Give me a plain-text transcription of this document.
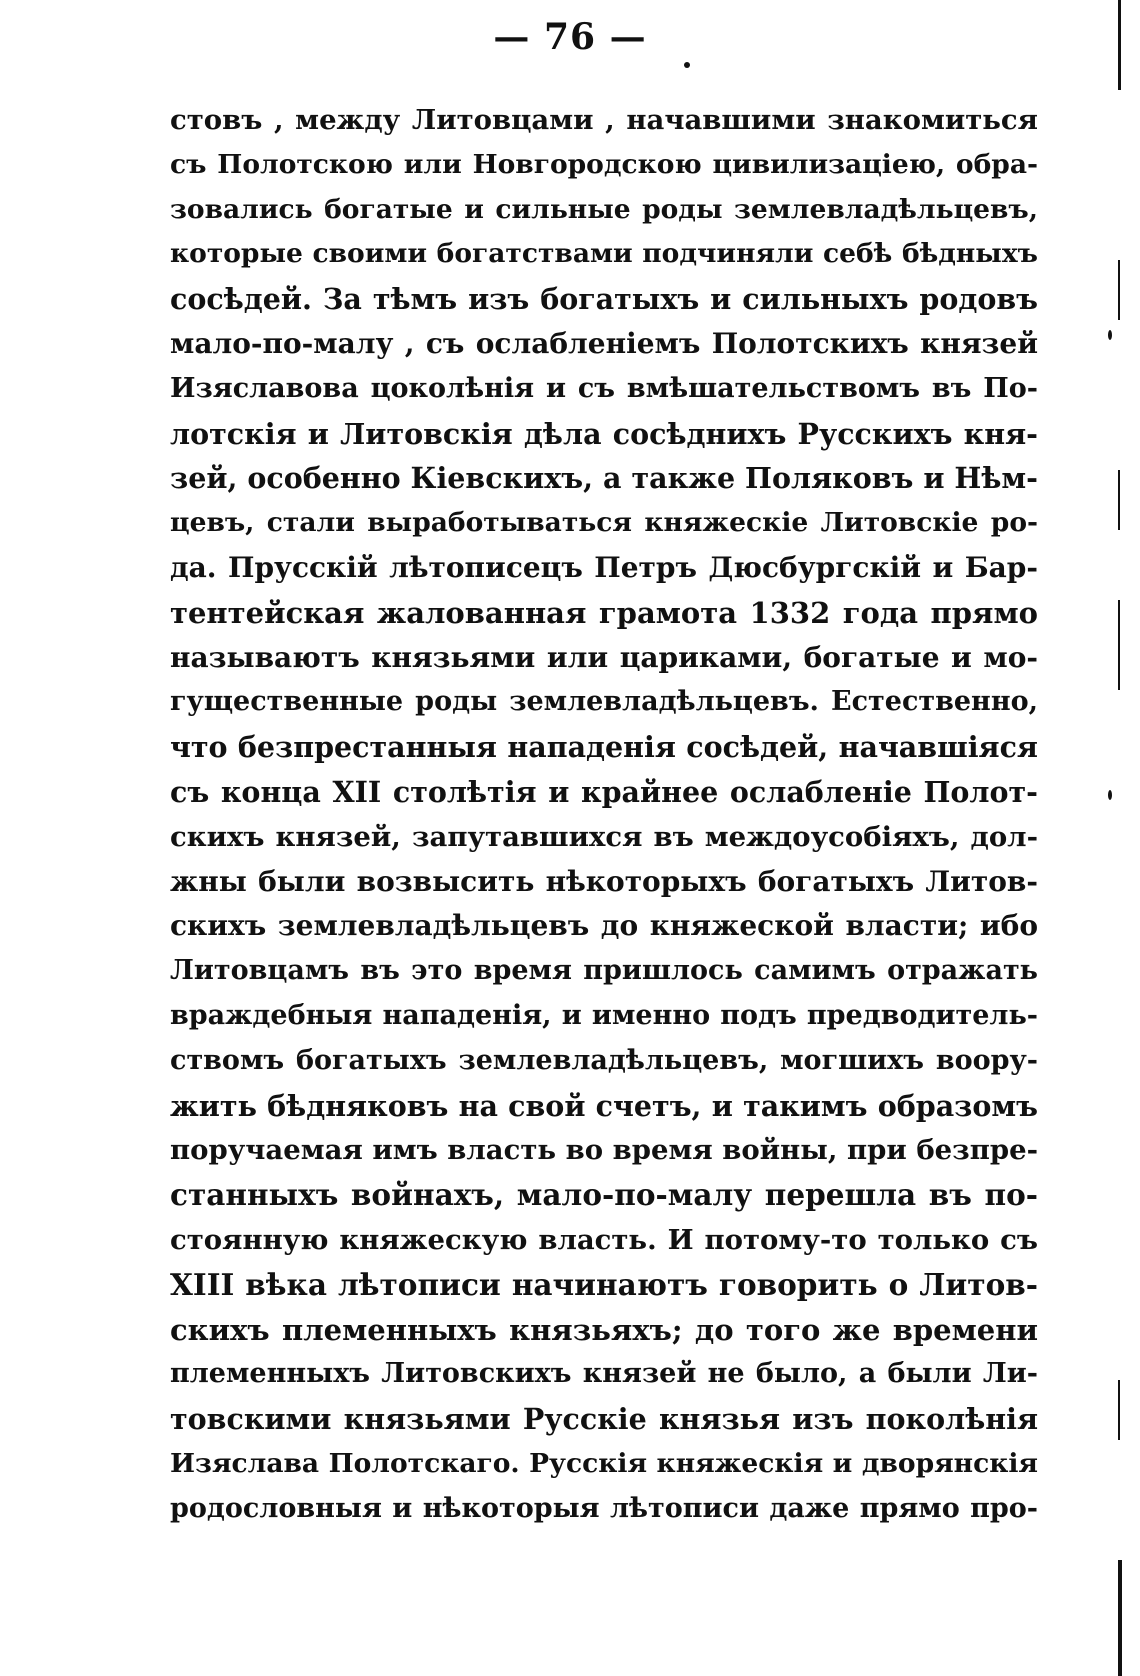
— 76 —
стовъ , между Литовцами , начавшими знакомиться
съ Полотскою или Новгородскою цивилизаціею, обра-
зовались богатые и сильные роды землевладѣльцевъ,
которые своими богатствами подчиняли себѣ бѣдныхъ
сосѣдей. За тѣмъ изъ богатыхъ и сильныхъ родовъ
мало-по-малу , съ ослабленіемъ Полотскихъ князей
Изяславова цоколѣнія и съ вмѣшательствомъ въ По-
лотскія и Литовскія дѣла сосѣднихъ Русскихъ кня-
зей, особенно Кіевскихъ, а также Поляковъ и Нѣм-
цевъ, стали выработываться княжескіе Литовскіе ро-
да. Прусскій лѣтописецъ Петръ Дюсбургскій и Бар-
тентейская жалованная грамота 1332 года прямо
называютъ князьями или цариками, богатые и мо-
гущественные роды землевладѣльцевъ. Естественно,
что безпрестанныя нападенія сосѣдей, начавшіяся
съ конца XII столѣтія и крайнее ослабленіе Полот-
скихъ князей, запутавшихся въ междоусобіяхъ, дол-
жны были возвысить нѣкоторыхъ богатыхъ Литов-
скихъ землевладѣльцевъ до княжеской власти; ибо
Литовцамъ въ это время пришлось самимъ отражать
враждебныя нападенія, и именно подъ предводитель-
ствомъ богатыхъ землевладѣльцевъ, могшихъ воору-
жить бѣдняковъ на свой счетъ, и такимъ образомъ
поручаемая имъ власть во время войны, при безпре-
станныхъ войнахъ, мало-по-малу перешла въ по-
стоянную княжескую власть. И потому-то только съ
XIII вѣка лѣтописи начинаютъ говорить о Литов-
скихъ племенныхъ князьяхъ; до того же времени
племенныхъ Литовскихъ князей не было, а были Ли-
товскими князьями Русскіе князья изъ поколѣнія
Изяслава Полотскаго. Русскія княжескія и дворянскія
родословныя и нѣкоторыя лѣтописи даже прямо про-
